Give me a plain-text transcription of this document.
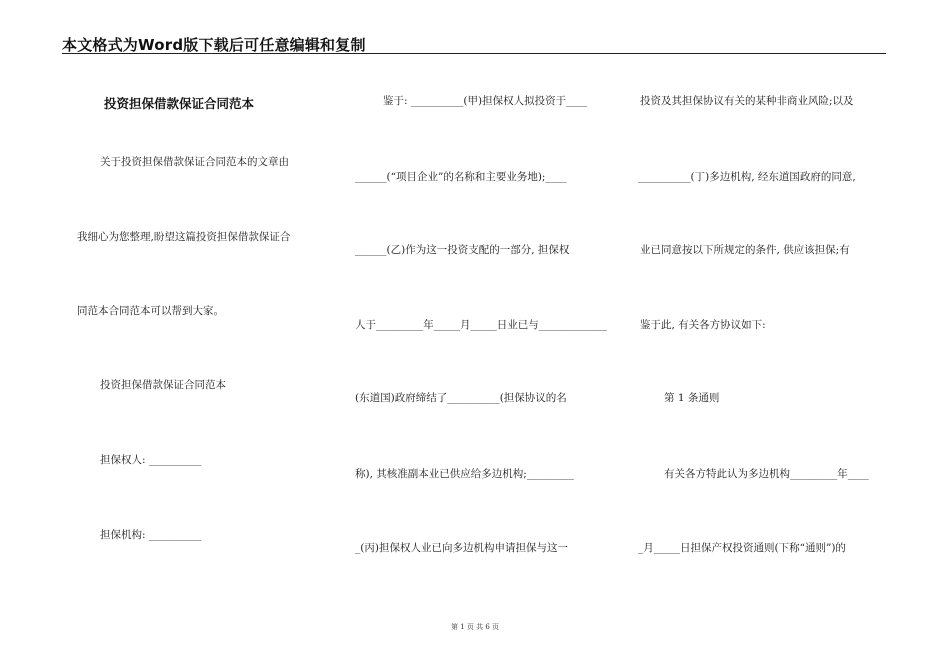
本文格式为Word版下载后可任意编辑和复制
投资担保借款保证合同范本
关于投资担保借款保证合同范本的文章由
我细心为您整理,盼望这篇投资担保借款保证合
同范本合同范本可以帮到大家。
投资担保借款保证合同范本
担保权人: __________
担保机构: __________
鉴于: __________(甲)担保权人拟投资于____
______(“项目企业”的名称和主要业务地);____
______(乙)作为这一投资支配的一部分, 担保权
人于_________年_____月_____日业已与_____________
(东道国)政府缔结了__________(担保协议的名
称), 其核准副本业已供应给多边机构;_________
_(丙)担保权人业已向多边机构申请担保与这一
投资及其担保协议有关的某种非商业风险;以及
__________(丁)多边机构, 经东道国政府的同意,
业已同意按以下所规定的条件, 供应该担保;有
鉴于此, 有关各方协议如下:
第 1 条通则
有关各方特此认为多边机构_________年____
_月_____日担保产权投资通则(下称“通则”)的
第 1 页 共 6 页
